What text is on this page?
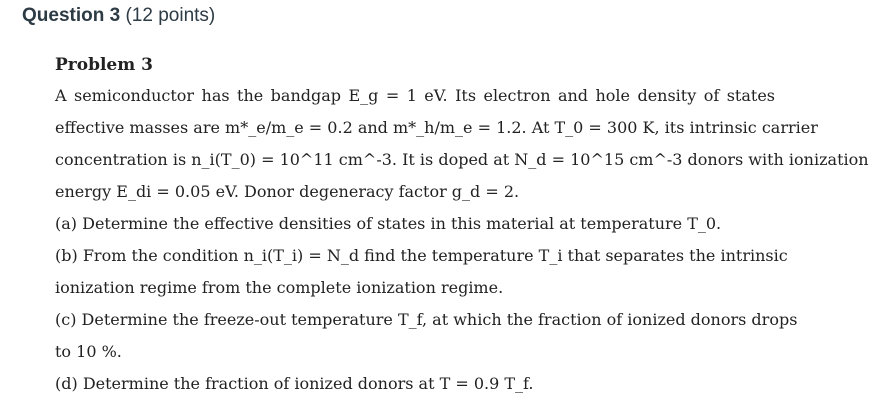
Question 3 (12 points)
Problem 3
A semiconductor has the bandgap E_g = 1 eV. Its electron and hole density of states
effective masses are m*_e/m_e = 0.2 and m*_h/m_e = 1.2. At T_0 = 300 K, its intrinsic carrier
concentration is n_i(T_0) = 10^11 cm^-3. It is doped at N_d = 10^15 cm^-3 donors with ionization
energy E_di = 0.05 eV. Donor degeneracy factor g_d = 2.
(a) Determine the effective densities of states in this material at temperature T_0.
(b) From the condition n_i(T_i) = N_d find the temperature T_i that separates the intrinsic
ionization regime from the complete ionization regime.
(c) Determine the freeze-out temperature T_f, at which the fraction of ionized donors drops
to 10 %.
(d) Determine the fraction of ionized donors at T = 0.9 T_f.
